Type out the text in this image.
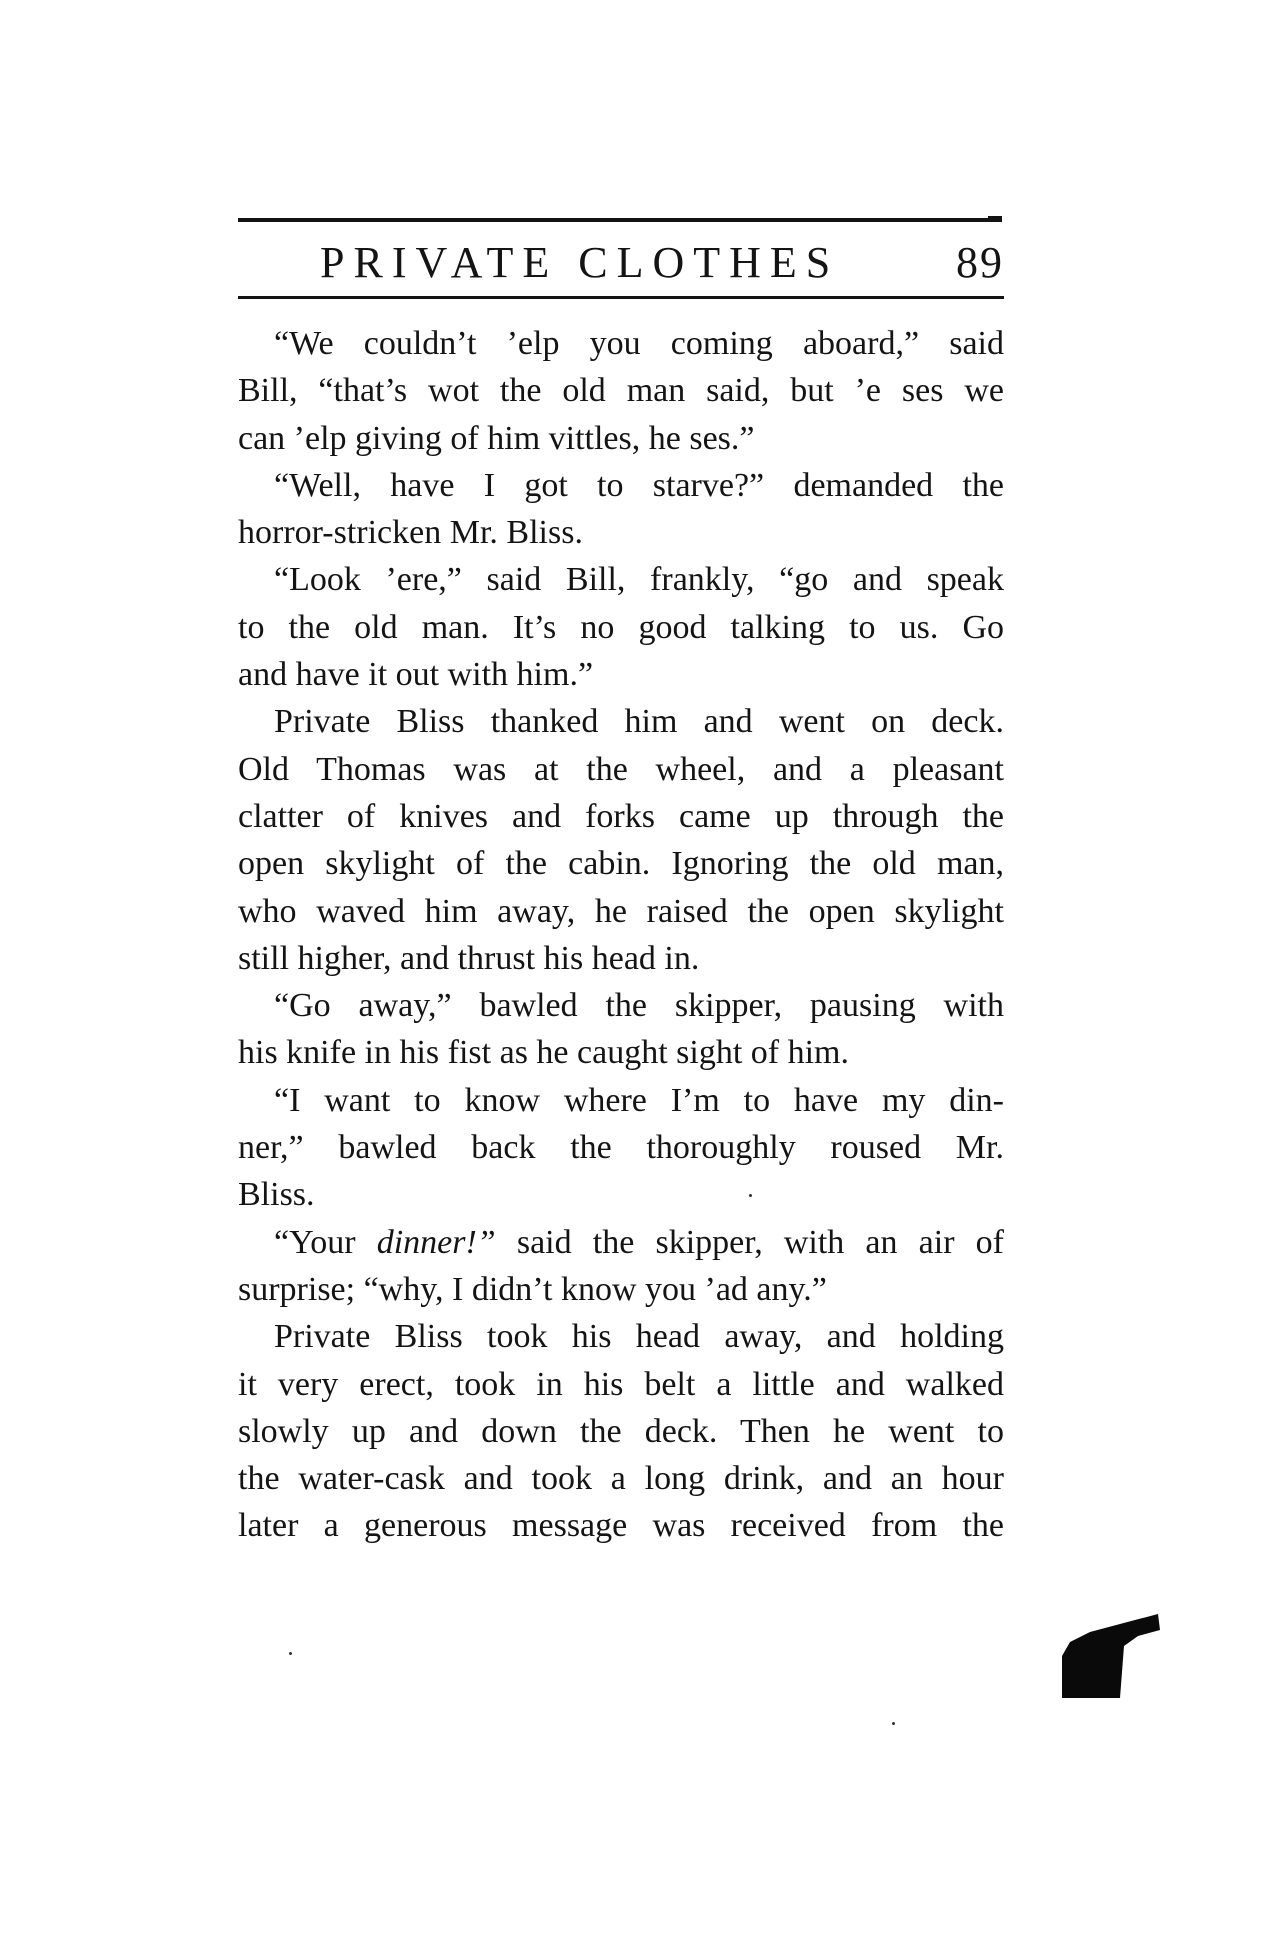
PRIVATE CLOTHES	89
“We couldn’t ’elp you coming aboard,” said
Bill, “that’s wot the old man said, but ’e ses we
can ’elp giving of him vittles, he ses.”
“Well, have I got to starve?” demanded the
horror-stricken Mr. Bliss.
“Look ’ere,” said Bill, frankly, “go and speak
to the old man. It’s no good talking to us. Go
and have it out with him.”
Private Bliss thanked him and went on deck.
Old Thomas was at the wheel, and a pleasant
clatter of knives and forks came up through the
open skylight of the cabin. Ignoring the old man,
who waved him away, he raised the open skylight
still higher, and thrust his head in.
“Go away,” bawled the skipper, pausing with
his knife in his fist as he caught sight of him.
“I want to know where I’m to have my din-
ner,” bawled back the thoroughly roused Mr.
Bliss.
“Your dinner!” said the skipper, with an air of
surprise; “why, I didn’t know you ’ad any.”
Private Bliss took his head away, and holding
it very erect, took in his belt a little and walked
slowly up and down the deck. Then he went to
the water-cask and took a long drink, and an hour
later a generous message was received from the
